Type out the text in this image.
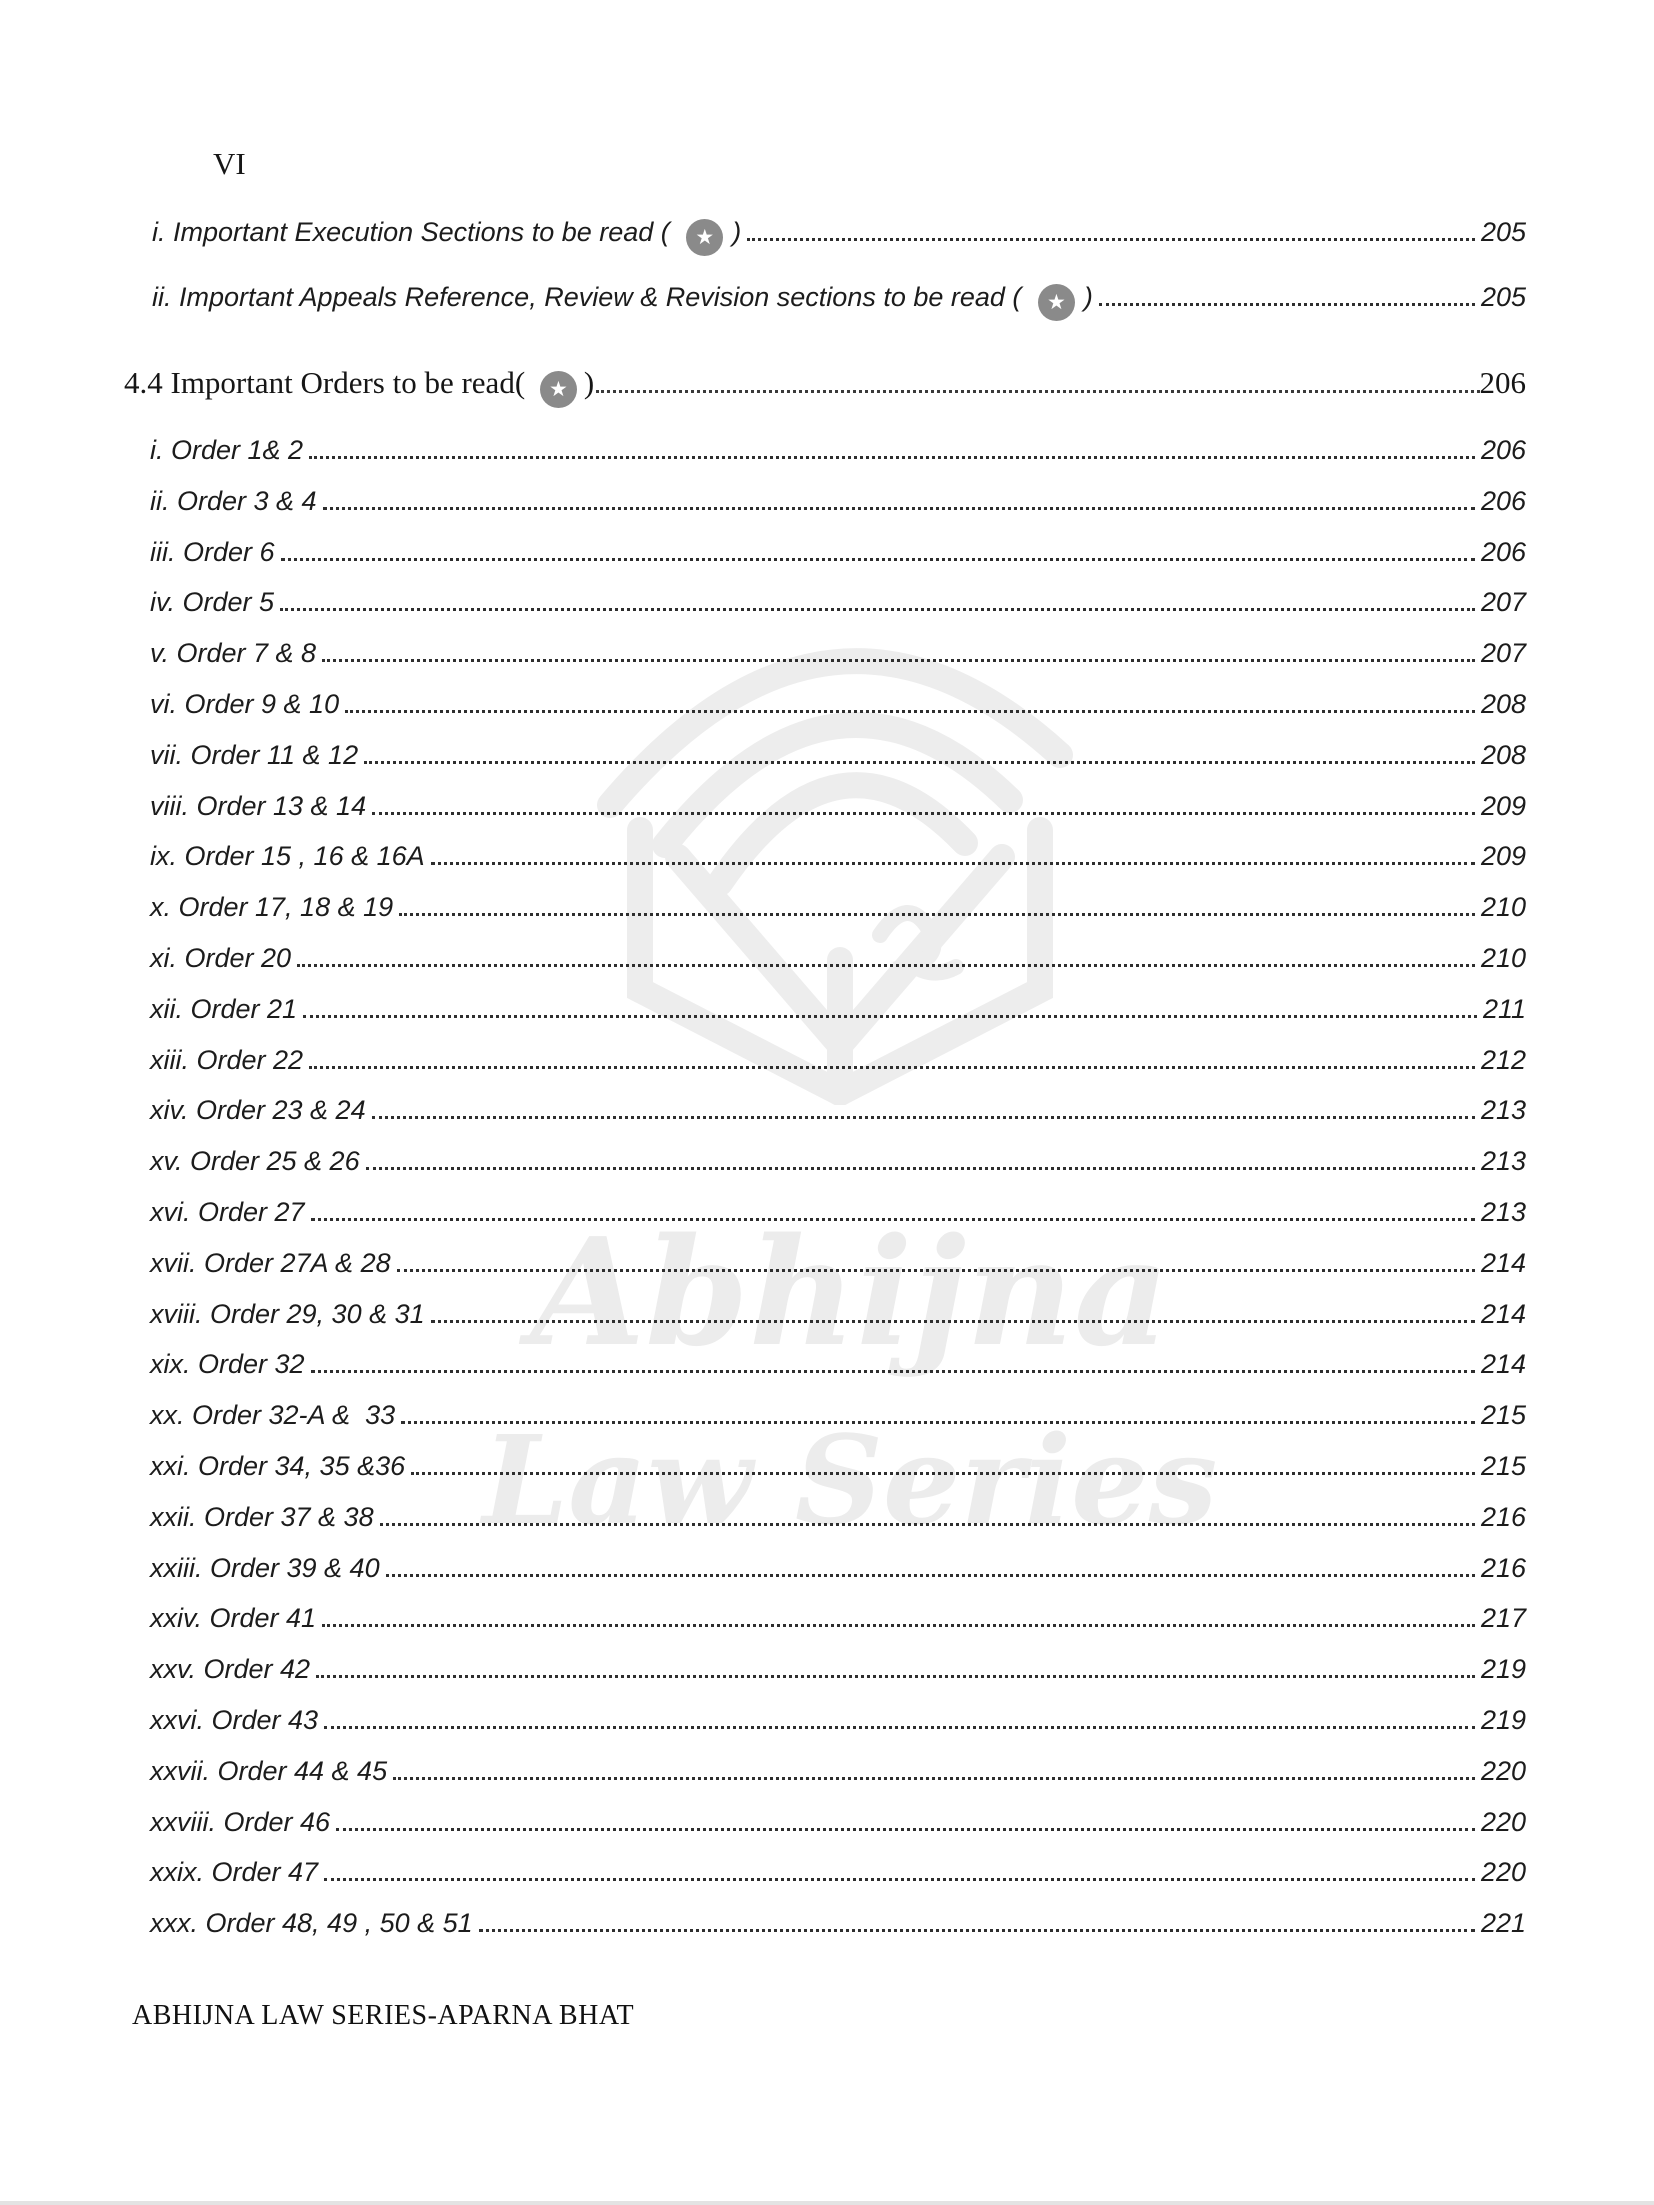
Abhijna
Law Series
VI
i. Important Execution Sections to be read ( ★ )	205
ii. Important Appeals Reference, Review & Revision sections to be read ( ★ )	205
4.4 Important Orders to be read( ★ )	206
i. Order 1& 2	206
ii. Order 3 & 4	206
iii. Order 6	206
iv. Order 5	207
v. Order 7 & 8	207
vi. Order 9 & 10	208
vii. Order 11 & 12	208
viii. Order 13 & 14	209
ix. Order 15 , 16 & 16A	209
x. Order 17, 18 & 19	210
xi. Order 20	210
xii. Order 21	211
xiii. Order 22	212
xiv. Order 23 & 24	213
xv. Order 25 & 26	213
xvi. Order 27	213
xvii. Order 27A & 28	214
xviii. Order 29, 30 & 31	214
xix. Order 32	214
xx. Order 32-A &  33	215
xxi. Order 34, 35 &36	215
xxii. Order 37 & 38	216
xxiii. Order 39 & 40	216
xxiv. Order 41	217
xxv. Order 42	219
xxvi. Order 43	219
xxvii. Order 44 & 45	220
xxviii. Order 46	220
xxix. Order 47	220
xxx. Order 48, 49 , 50 & 51	221
ABHIJNA LAW SERIES-APARNA BHAT
